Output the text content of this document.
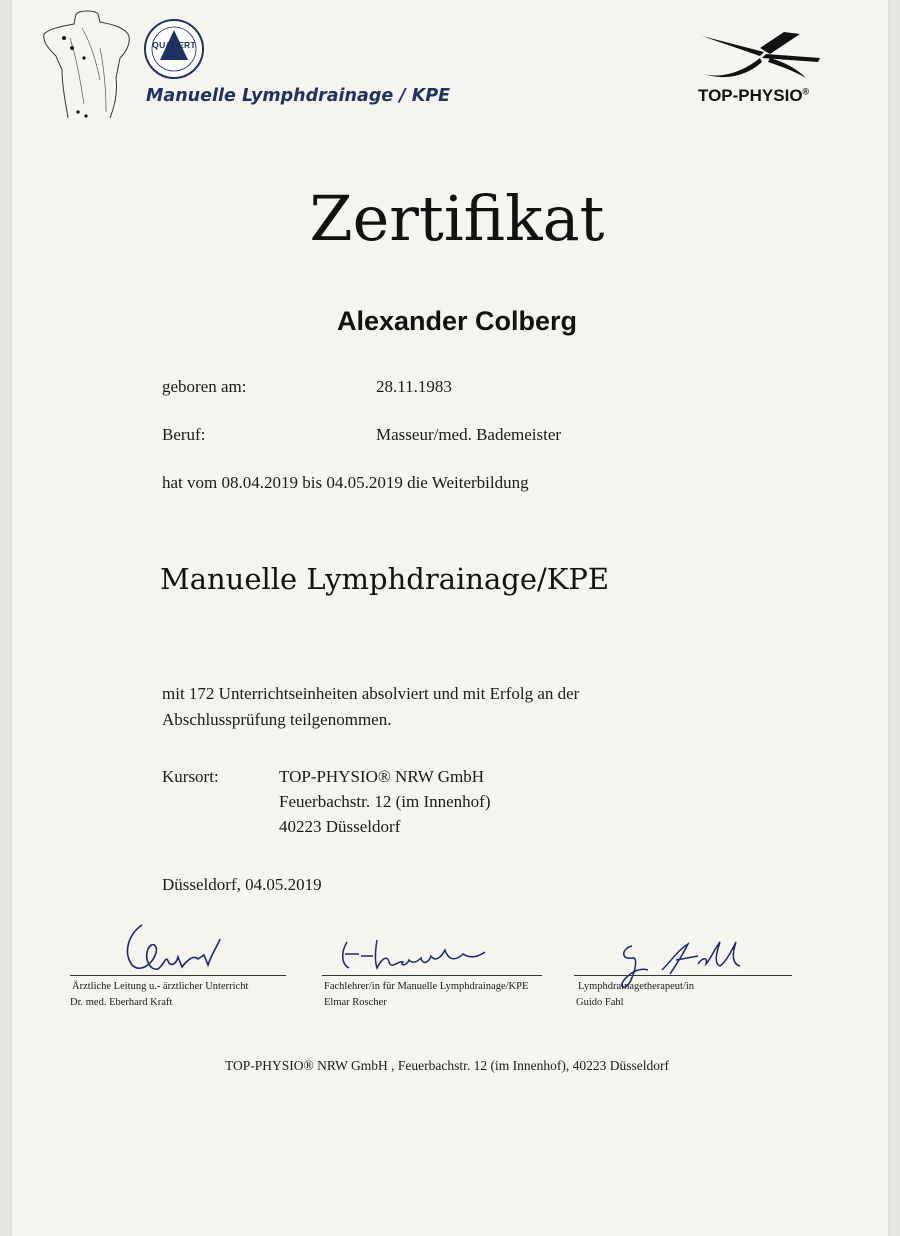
QUACERT
Manuelle Lymphdrainage / KPE	TOP-PHYSIO®
Zertifikat
Alexander Colberg
geboren am:	28.11.1983
Beruf:	Masseur/med. Bademeister
hat vom 08.04.2019 bis 04.05.2019 die Weiterbildung
Manuelle Lymphdrainage/KPE
mit 172 Unterrichtseinheiten absolviert und mit Erfolg an der
Abschlussprüfung teilgenommen.
Kursort:	TOP-PHYSIO® NRW GmbH
Feuerbachstr. 12 (im Innenhof)
40223 Düsseldorf
Düsseldorf, 04.05.2019
Ärztliche Leitung u.- ärztlicher Unterricht
Dr. med. Eberhard Kraft
Fachlehrer/in für Manuelle Lymphdrainage/KPE
Elmar Roscher
Lymphdrainagetherapeut/in
Guido Fahl
TOP-PHYSIO® NRW GmbH , Feuerbachstr. 12 (im Innenhof), 40223 Düsseldorf
